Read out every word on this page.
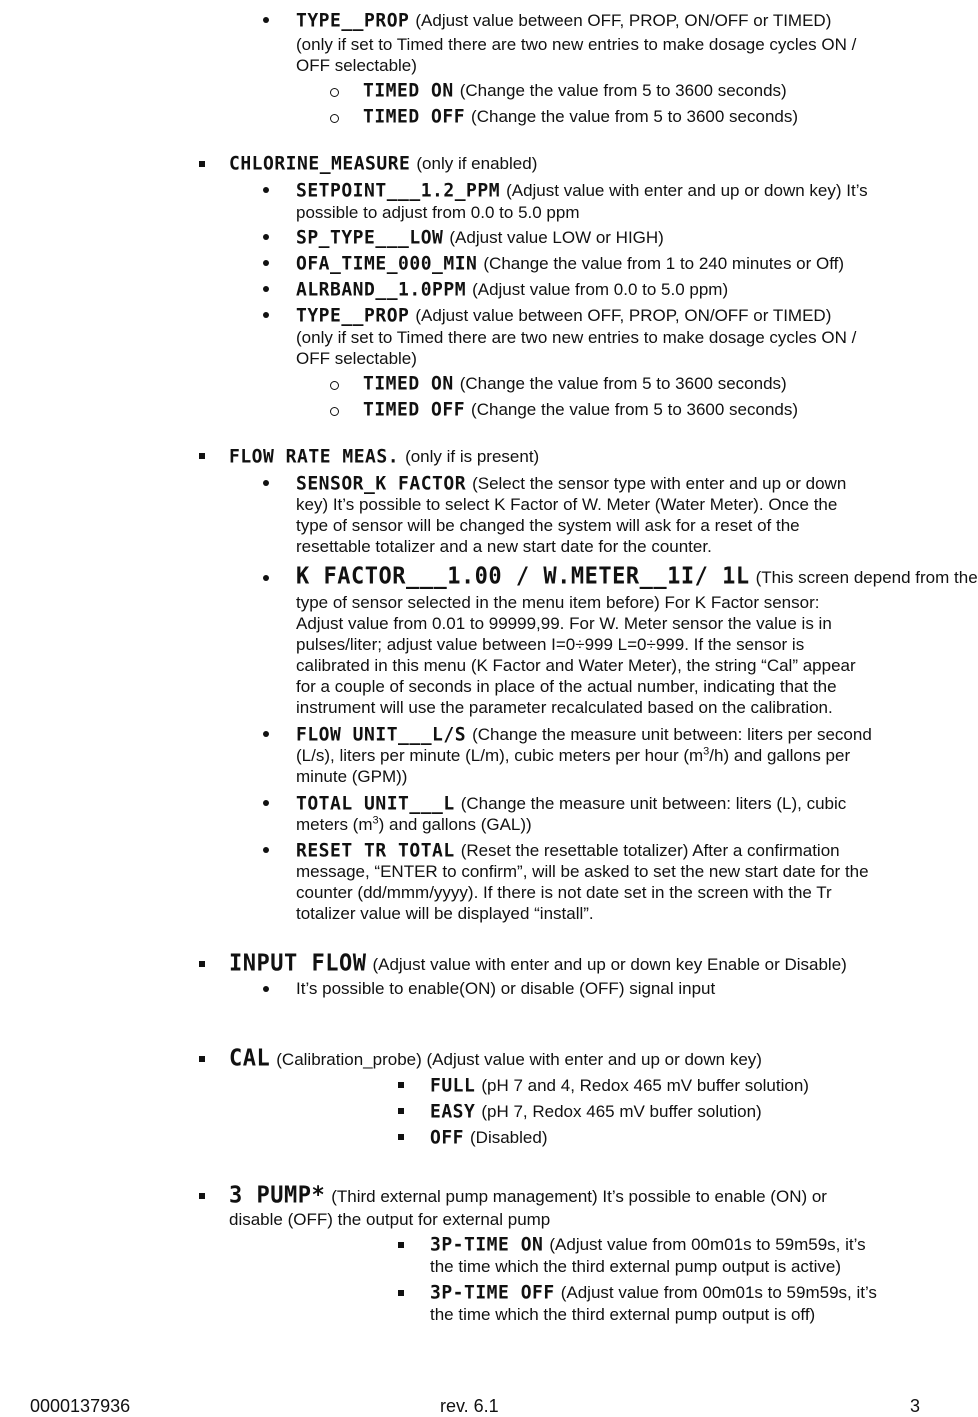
TYPE__PROP (Adjust value between OFF, PROP, ON/OFF or TIMED)
(only if set to Timed there are two new entries to make dosage cycles ON /
OFF selectable)
TIMED ON (Change the value from 5 to 3600 seconds)
TIMED OFF (Change the value from 5 to 3600 seconds)
CHLORINE_MEASURE (only if enabled)
SETPOINT___1.2_PPM (Adjust value with enter and up or down key) It’s
possible to adjust from 0.0 to 5.0 ppm
SP_TYPE___LOW (Adjust value LOW or HIGH)
OFA_TIME_000_MIN (Change the value from 1 to 240 minutes or Off)
ALRBAND__1.0PPM (Adjust value from 0.0 to 5.0 ppm)
TYPE__PROP (Adjust value between OFF, PROP, ON/OFF or TIMED)
(only if set to Timed there are two new entries to make dosage cycles ON /
OFF selectable)
TIMED ON (Change the value from 5 to 3600 seconds)
TIMED OFF (Change the value from 5 to 3600 seconds)
FLOW RATE MEAS. (only if is present)
SENSOR_K FACTOR (Select the sensor type with enter and up or down
key) It’s possible to select K Factor of W. Meter (Water Meter). Once the
type of sensor will be changed the system will ask for a reset of the
resettable totalizer and a new start date for the counter.
K FACTOR___1.00 / W.METER__1I/ 1L (This screen depend from the
type of sensor selected in the menu item before) For K Factor sensor:
Adjust value from 0.01 to 99999,99. For W. Meter sensor the value is in
pulses/liter; adjust value between I=0÷999 L=0÷999. If the sensor is
calibrated in this menu (K Factor and Water Meter), the string “Cal” appear
for a couple of seconds in place of the actual number, indicating that the
instrument will use the parameter recalculated based on the calibration.
FLOW UNIT___L/S (Change the measure unit between: liters per second
(L/s), liters per minute (L/m), cubic meters per hour $(m^3/h)$ and gallons per
minute (GPM))
TOTAL UNIT___L (Change the measure unit between: liters (L), cubic
meters $(m^3)$ and gallons (GAL))
RESET TR TOTAL (Reset the resettable totalizer) After a confirmation
message, “ENTER to confirm”, will be asked to set the new start date for the
counter (dd/mmm/yyyy). If there is not date set in the screen with the Tr
totalizer value will be displayed “install”.
INPUT FLOW (Adjust value with enter and up or down key Enable or Disable)
It’s possible to enable(ON) or disable (OFF) signal input
CAL (Calibration_probe) (Adjust value with enter and up or down key)
FULL (pH 7 and 4, Redox 465 mV buffer solution)
EASY (pH 7, Redox 465 mV buffer solution)
OFF (Disabled)
3 PUMP* (Third external pump management) It’s possible to enable (ON) or
disable (OFF) the output for external pump
3P-TIME ON (Adjust value from 00m01s to 59m59s, it’s
the time which the third external pump output is active)
3P-TIME OFF (Adjust value from 00m01s to 59m59s, it’s
the time which the third external pump output is off)
0000137936	rev. 6.1	3
